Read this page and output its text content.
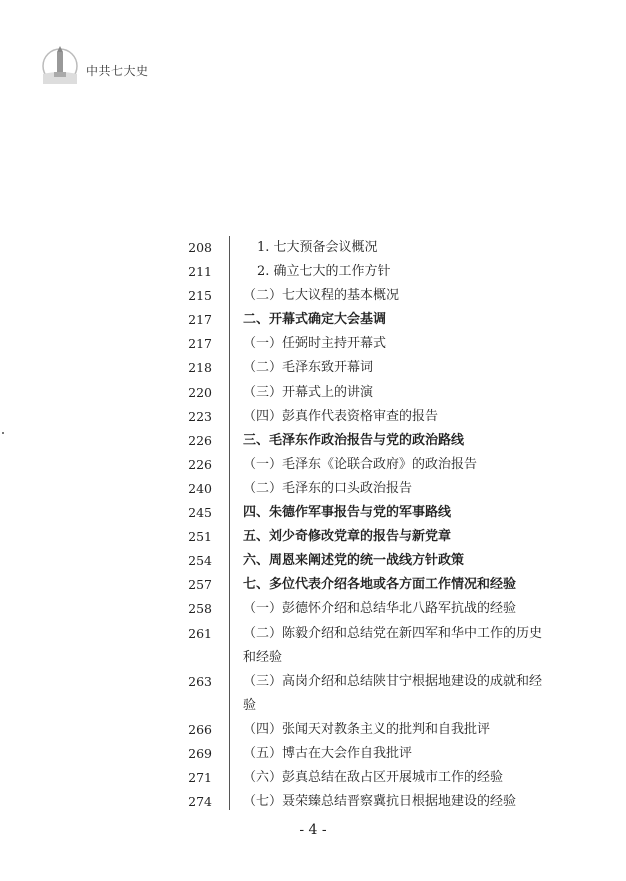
中共七大史
208	1. 七大预备会议概况
211	2. 确立七大的工作方针
215 （二）七大议程的基本概况
217 二、开幕式确定大会基调
217 （一）任弼时主持开幕式
218 （二）毛泽东致开幕词
220 （三）开幕式上的讲演
223 （四）彭真作代表资格审查的报告
226 三、毛泽东作政治报告与党的政治路线
226 （一）毛泽东《论联合政府》的政治报告
240 （二）毛泽东的口头政治报告
245 四、朱德作军事报告与党的军事路线
251 五、刘少奇修改党章的报告与新党章
254 六、周恩来阐述党的统一战线方针政策
257 七、多位代表介绍各地或各方面工作情况和经验
258 （一）彭德怀介绍和总结华北八路军抗战的经验
261 （二）陈毅介绍和总结党在新四军和华中工作的历史和经验
263 （三）高岗介绍和总结陕甘宁根据地建设的成就和经验
266 （四）张闻天对教条主义的批判和自我批评
269 （五）博古在大会作自我批评
271 （六）彭真总结在敌占区开展城市工作的经验
274 （七）聂荣臻总结晋察冀抗日根据地建设的经验
- 4 -
